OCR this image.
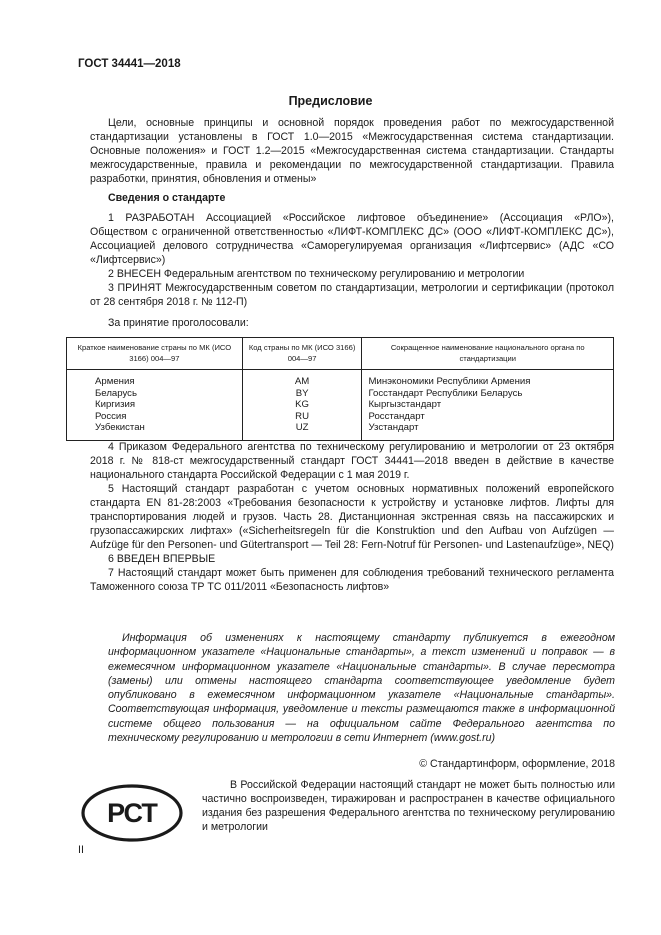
ГОСТ 34441—2018
Предисловие

Цели, основные принципы и основной порядок проведения работ по межгосударственной стандартизации установлены в ГОСТ 1.0—2015 «Межгосударственная система стандартизации. Основные положения» и ГОСТ 1.2—2015 «Межгосударственная система стандартизации. Стандарты межгосударственные, правила и рекомендации по межгосударственной стандартизации. Правила разработки, принятия, обновления и отмены»

Сведения о стандарте

1 РАЗРАБОТАН Ассоциацией «Российское лифтовое объединение» (Ассоциация «РЛО»), Обществом с ограниченной ответственностью «ЛИФТ-КОМПЛЕКС ДС» (ООО «ЛИФТ-КОМПЛЕКС ДС»), Ассоциацией делового сотрудничества «Саморегулируемая организация «Лифтсервис» (АДС «СО «Лифтсервис»)

2 ВНЕСЕН Федеральным агентством по техническому регулированию и метрологии

3 ПРИНЯТ Межгосударственным советом по стандартизации, метрологии и сертификации (протокол от 28 сентября 2018 г. № 112-П)

За принятие проголосовали:
Краткое наименование страны по МК (ИСО 3166) 004—97	Код страны по МК (ИСО 3166) 004—97	Сокращенное наименование национального органа по стандартизации

Армения	AM	Минэкономики Республики Армения
Беларусь	BY	Госстандарт Республики Беларусь
Киргизия	KG	Кыргызстандарт
Россия	RU	Росстандарт
Узбекистан	UZ	Узстандарт

4 Приказом Федерального агентства по техническому регулированию и метрологии от 23 октября 2018 г. № 818-ст межгосударственный стандарт ГОСТ 34441—2018 введен в действие в качестве национального стандарта Российской Федерации с 1 мая 2019 г.

5 Настоящий стандарт разработан с учетом основных нормативных положений европейского стандарта EN 81-28:2003 «Требования безопасности к устройству и установке лифтов. Лифты для транспортирования людей и грузов. Часть 28. Дистанционная экстренная связь на пассажирских и грузопассажирских лифтах» («Sicherheitsregeln für die Konstruktion und den Aufbau von Aufzügen — Aufzüge für den Personen- und Gütertransport — Teil 28: Fern-Notruf für Personen- und Lastenaufzüge», NEQ)

6 ВВЕДЕН ВПЕРВЫЕ

7 Настоящий стандарт может быть применен для соблюдения требований технического регламента Таможенного союза ТР ТС 011/2011 «Безопасность лифтов»

Информация об изменениях к настоящему стандарту публикуется в ежегодном информационном указателе «Национальные стандарты», а текст изменений и поправок — в ежемесячном информационном указателе «Национальные стандарты». В случае пересмотра (замены) или отмены настоящего стандарта соответствующее уведомление будет опубликовано в ежемесячном информационном указателе «Национальные стандарты». Соответствующая информация, уведомление и тексты размещаются также в информационной системе общего пользования — на официальном сайте Федерального агентства по техническому регулированию и метрологии в сети Интернет (www.gost.ru)

© Стандартинформ, оформление, 2018
РСТ

В Российской Федерации настоящий стандарт не может быть полностью или частично воспроизведен, тиражирован и распространен в качестве официального издания без разрешения Федерального агентства по техническому регулированию и метрологии

II
